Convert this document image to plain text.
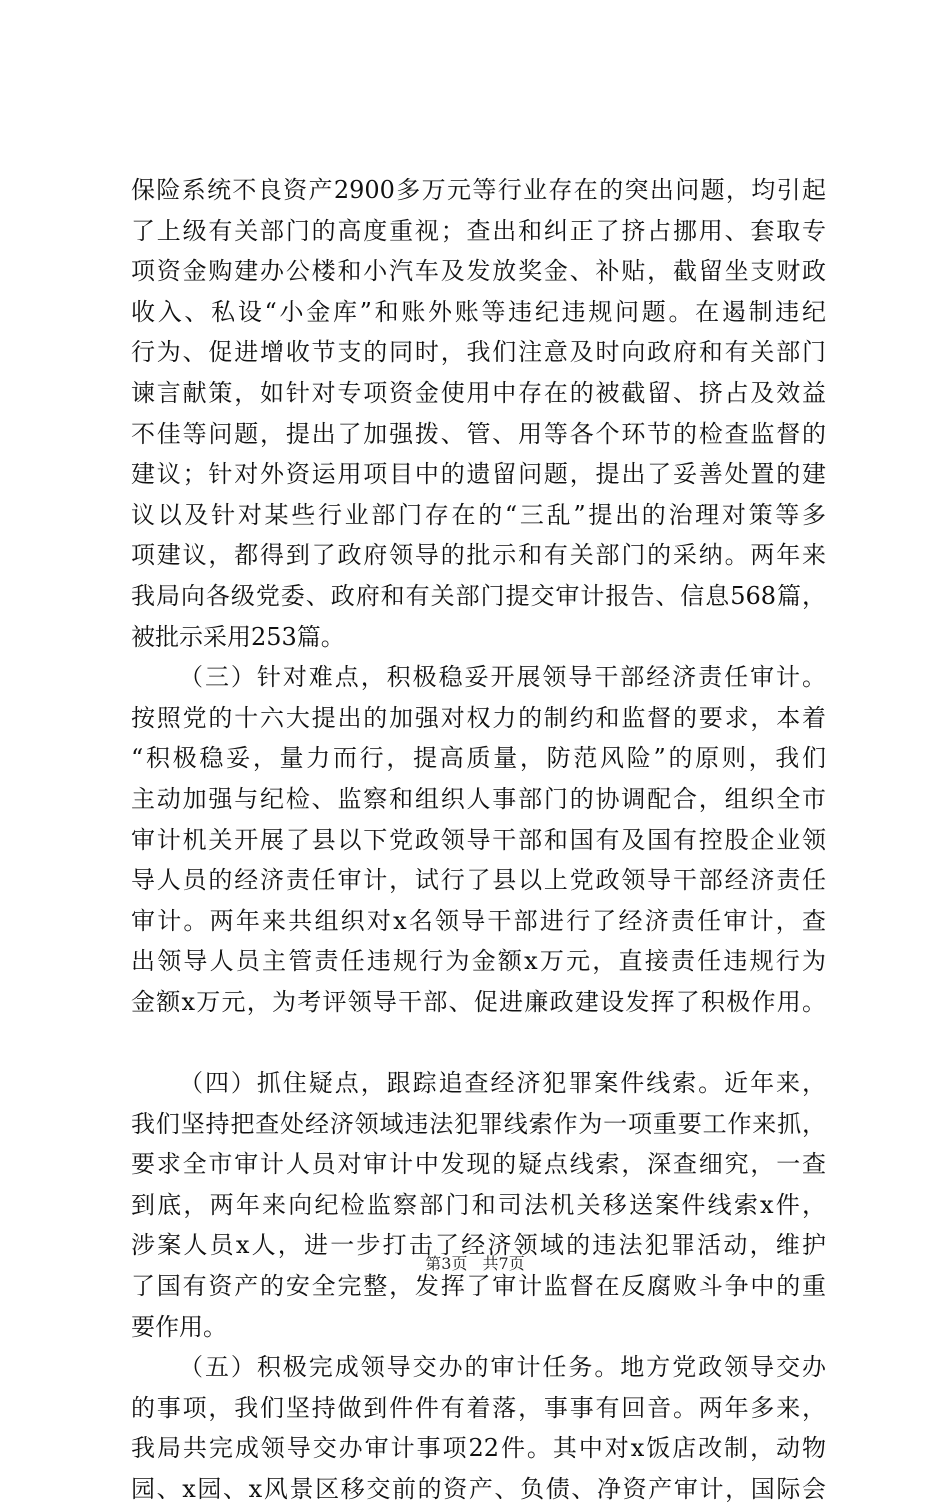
保险系统不良资产2900多万元等行业存在的突出问题，均引起
了上级有关部门的高度重视；查出和纠正了挤占挪用、套取专
项资金购建办公楼和小汽车及发放奖金、补贴，截留坐支财政
收入、私设“小金库”和账外账等违纪违规问题。在遏制违纪
行为、促进增收节支的同时，我们注意及时向政府和有关部门
谏言献策，如针对专项资金使用中存在的被截留、挤占及效益
不佳等问题，提出了加强拨、管、用等各个环节的检查监督的
建议；针对外资运用项目中的遗留问题，提出了妥善处置的建
议以及针对某些行业部门存在的“三乱”提出的治理对策等多
项建议，都得到了政府领导的批示和有关部门的采纳。两年来
我局向各级党委、政府和有关部门提交审计报告、信息568篇，
被批示采用253篇。
（三）针对难点，积极稳妥开展领导干部经济责任审计。
按照党的十六大提出的加强对权力的制约和监督的要求，本着
“积极稳妥，量力而行，提高质量，防范风险”的原则，我们
主动加强与纪检、监察和组织人事部门的协调配合，组织全市
审计机关开展了县以下党政领导干部和国有及国有控股企业领
导人员的经济责任审计，试行了县以上党政领导干部经济责任
审计。两年来共组织对x名领导干部进行了经济责任审计，查
出领导人员主管责任违规行为金额x万元，直接责任违规行为
金额x万元，为考评领导干部、促进廉政建设发挥了积极作用。
（四）抓住疑点，跟踪追查经济犯罪案件线索。近年来，
我们坚持把查处经济领域违法犯罪线索作为一项重要工作来抓，
要求全市审计人员对审计中发现的疑点线索，深查细究，一查
到底，两年来向纪检监察部门和司法机关移送案件线索x件，
涉案人员x人，进一步打击了经济领域的违法犯罪活动，维护
了国有资产的安全完整，发挥了审计监督在反腐败斗争中的重
要作用。
（五）积极完成领导交办的审计任务。地方党政领导交办
的事项，我们坚持做到件件有着落，事事有回音。两年多来，
我局共完成领导交办审计事项22件。其中对x饭店改制，动物
园、x园、x风景区移交前的资产、负债、净资产审计，国际会
第3页 共7页
